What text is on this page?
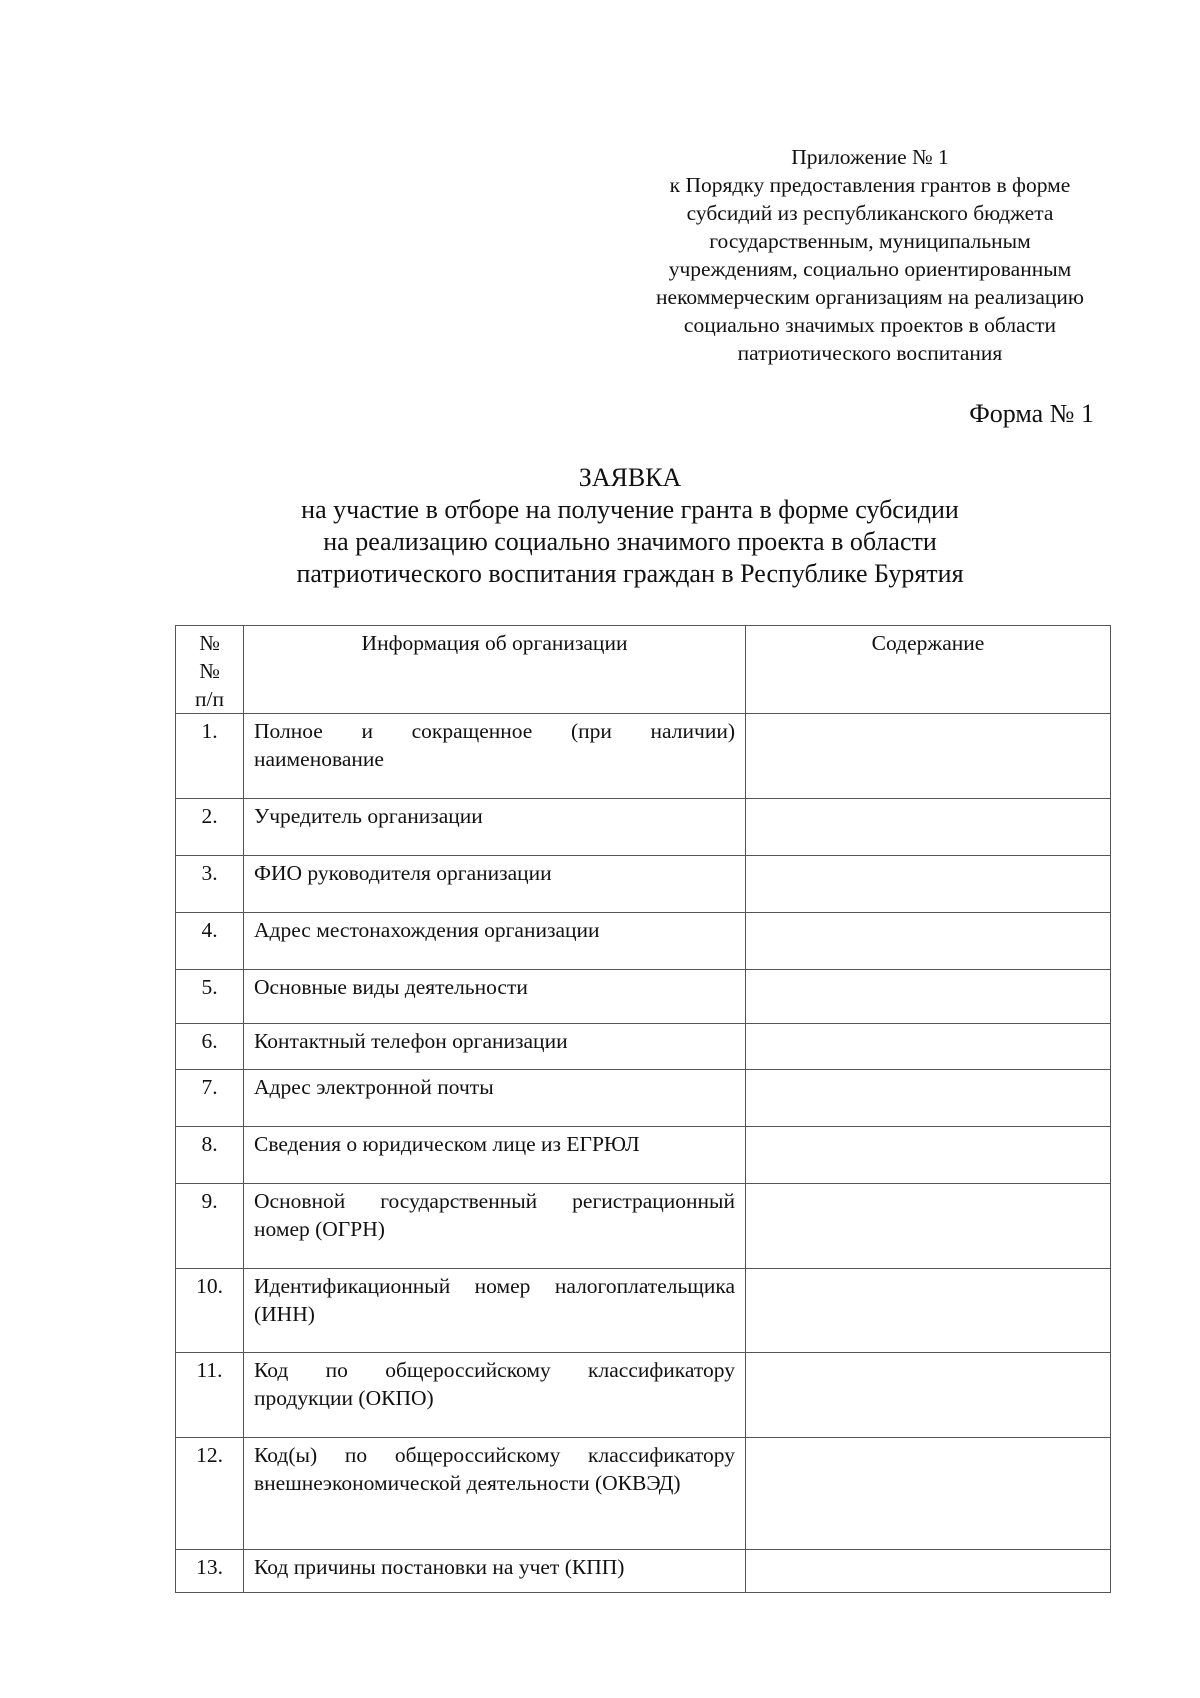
Приложение № 1
к Порядку предоставления грантов в форме
субсидий из республиканского бюджета
государственным, муниципальным
учреждениям, социально ориентированным
некоммерческим организациям на реализацию
социально значимых проектов в области
патриотического воспитания
Форма № 1
ЗАЯВКА
на участие в отборе на получение гранта в форме субсидии
на реализацию социально значимого проекта в области
патриотического воспитания граждан в Республике Бурятия
№№ п/п	Информация об организации	Содержание
1.	Полное и сокращенное (при наличии) наименование	
2.	Учредитель организации	
3.	ФИО руководителя организации	
4.	Адрес местонахождения организации	
5.	Основные виды деятельности	
6.	Контактный телефон организации	
7.	Адрес электронной почты	
8.	Сведения о юридическом лице из ЕГРЮЛ	
9.	Основной государственный регистрационный номер (ОГРН)	
10.	Идентификационный номер налогоплательщика (ИНН)	
11.	Код по общероссийскому классификатору продукции (ОКПО)	
12.	Код(ы) по общероссийскому классификатору внешнеэкономической деятельности (ОКВЭД)	
13.	Код причины постановки на учет (КПП)	
